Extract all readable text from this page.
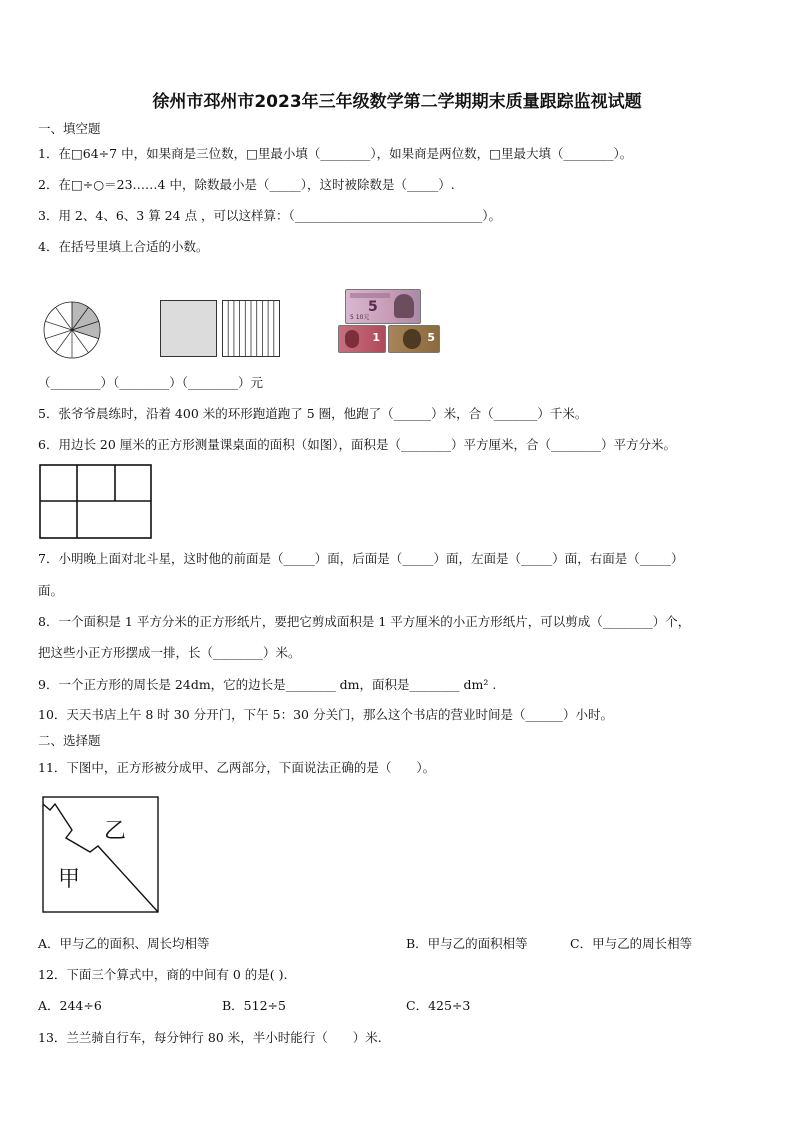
徐州市邳州市2023年三年级数学第二学期期末质量跟踪监视试题
一、填空题
1．在□64÷7 中，如果商是三位数，□里最小填（________），如果商是两位数，□里最大填（________）。
2．在□÷○＝23……4 中，除数最小是（_____），这时被除数是（_____）.
3．用 2、4、6、3 算 24 点 ，可以这样算：（______________________________）。
4．在括号里填上合适的小数。
5
5 10元
1	5
（________）（________）（________）元
5．张爷爷晨练时，沿着 400 米的环形跑道跑了 5 圈，他跑了（______）米，合（_______）千米。
6．用边长 20 厘米的正方形测量课桌面的面积（如图），面积是（________）平方厘米，合（________）平方分米。
7．小明晚上面对北斗星，这时他的前面是（_____）面，后面是（_____）面，左面是（_____）面，右面是（_____）
面。
8．一个面积是 1 平方分米的正方形纸片，要把它剪成面积是 1 平方厘米的小正方形纸片，可以剪成（________）个，
把这些小正方形摆成一排，长（________）米。
9．一个正方形的周长是 24dm，它的边长是________ dm，面积是________ dm² .
10．天天书店上午 8 时 30 分开门，下午 5：30 分关门，那么这个书店的营业时间是（______）小时。
二、选择题
11．下图中，正方形被分成甲、乙两部分，下面说法正确的是（　　）。
乙
甲
A．甲与乙的面积、周长均相等	B．甲与乙的面积相等	C．甲与乙的周长相等
12．下面三个算式中，商的中间有 0 的是( ).
A．244÷6	B．512÷5	C．425÷3
13．兰兰骑自行车，每分钟行 80 米，半小时能行（　　）米.
